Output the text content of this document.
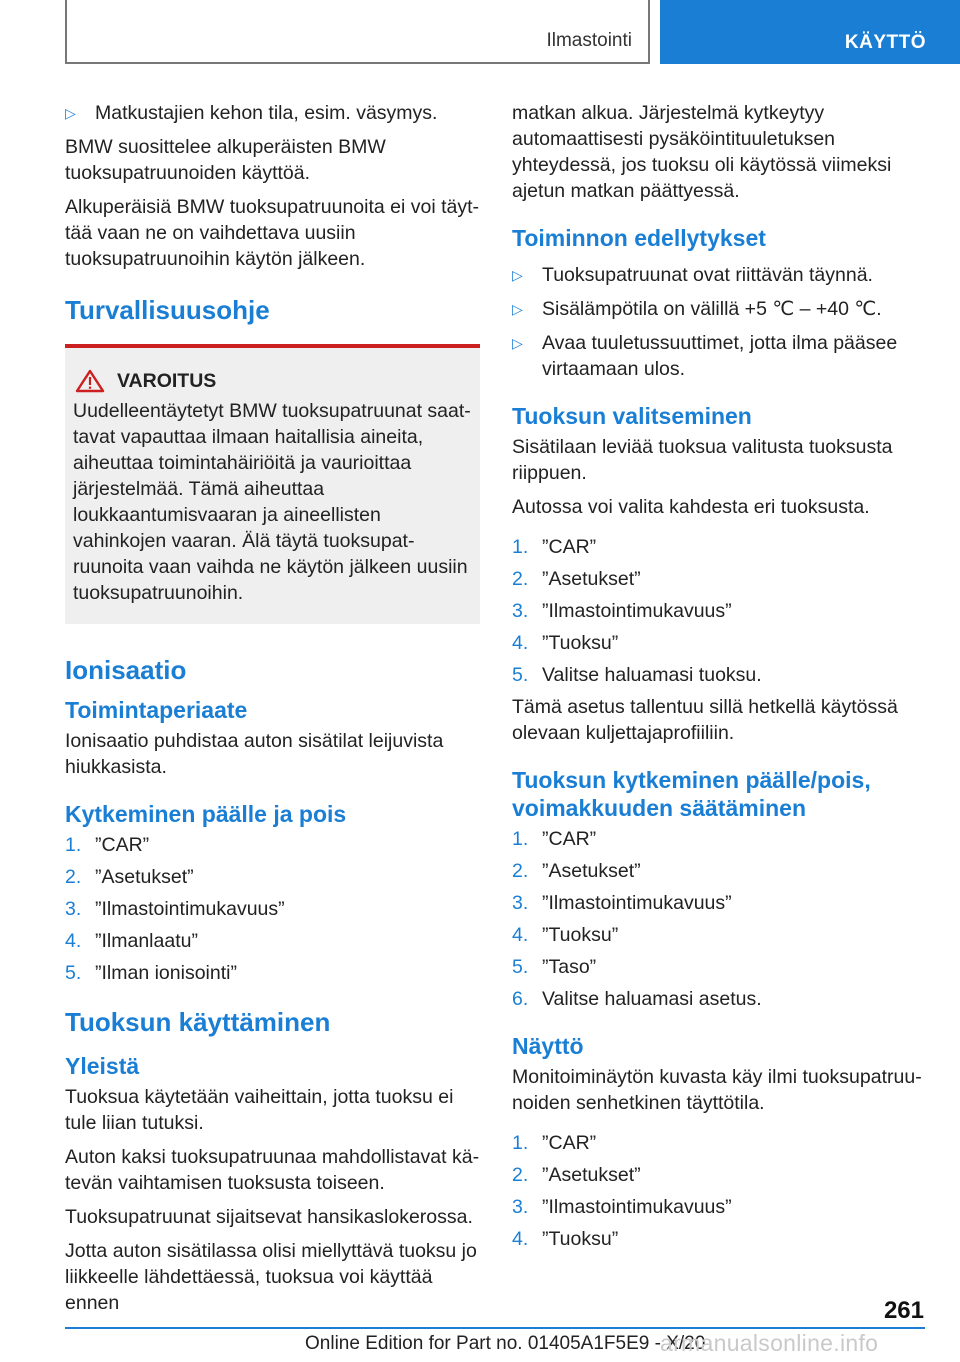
Ilmastointi	KÄYTTÖ
▷ Matkustajien kehon tila, esim. väsymys.

BMW suosittelee alkuperäisten BMW tuoksupatruunoiden käyttöä.

Alkuperäisiä BMW tuoksupatruunoita ei voi täyttää vaan ne on vaihdettava uusiin tuoksupatruunoihin käytön jälkeen.

Turvallisuusohje
VAROITUS

Uudelleentäytetyt BMW tuoksupatruunat saattavat vapauttaa ilmaan haitallisia aineita, aiheuttaa toimintahäiriöitä ja vaurioittaa järjestelmää. Tämä aiheuttaa loukkaantumisvaaran ja aineellisten vahinkojen vaaran. Älä täytä tuoksupatruunoita vaan vaihda ne käytön jälkeen uusiin tuoksupatruunoihin.

Ionisaatio
Toimintaperiaate

Ionisaatio puhdistaa auton sisätilat leijuvista hiukkasista.

Kytkeminen päälle ja pois
1. ”CAR”
2. ”Asetukset”
3. ”Ilmastointimukavuus”
4. ”Ilmanlaatu”
5. ”Ilman ionisointi”
Tuoksun käyttäminen
Yleistä

Tuoksua käytetään vaiheittain, jotta tuoksu ei tule liian tutuksi.

Auton kaksi tuoksupatruunaa mahdollistavat kätevän vaihtamisen tuoksusta toiseen.

Tuoksupatruunat sijaitsevat hansikaslokerossa.

Jotta auton sisätilassa olisi miellyttävä tuoksu jo liikkeelle lähdettäessä, tuoksua voi käyttää ennen

matkan alkua. Järjestelmä kytkeytyy automaattisesti pysäköintituuletuksen yhteydessä, jos tuoksu oli käytössä viimeksi ajetun matkan päättyessä.

Toiminnon edellytykset
▷ Tuoksupatruunat ovat riittävän täynnä.
▷ Sisälämpötila on välillä +5 ℃ – +40 ℃.
▷ Avaa tuuletussuuttimet, jotta ilma pääsee virtaamaan ulos.
Tuoksun valitseminen

Sisätilaan leviää tuoksua valitusta tuoksusta riippuen.

Autossa voi valita kahdesta eri tuoksusta.

1. ”CAR”
2. ”Asetukset”
3. ”Ilmastointimukavuus”
4. ”Tuoksu”
5. Valitse haluamasi tuoksu.

Tämä asetus tallentuu sillä hetkellä käytössä olevaan kuljettajaprofiiliin.

Tuoksun kytkeminen päälle/pois, voimakkuuden säätäminen
1. ”CAR”
2. ”Asetukset”
3. ”Ilmastointimukavuus”
4. ”Tuoksu”
5. ”Taso”
6. Valitse haluamasi asetus.
Näyttö

Monitoiminäytön kuvasta käy ilmi tuoksupatruunoiden senhetkinen täyttötila.

1. ”CAR”
2. ”Asetukset”
3. ”Ilmastointimukavuus”
4. ”Tuoksu”
261
Online Edition for Part no. 01405A1F5E9 - X/20
armanualsonline.info
